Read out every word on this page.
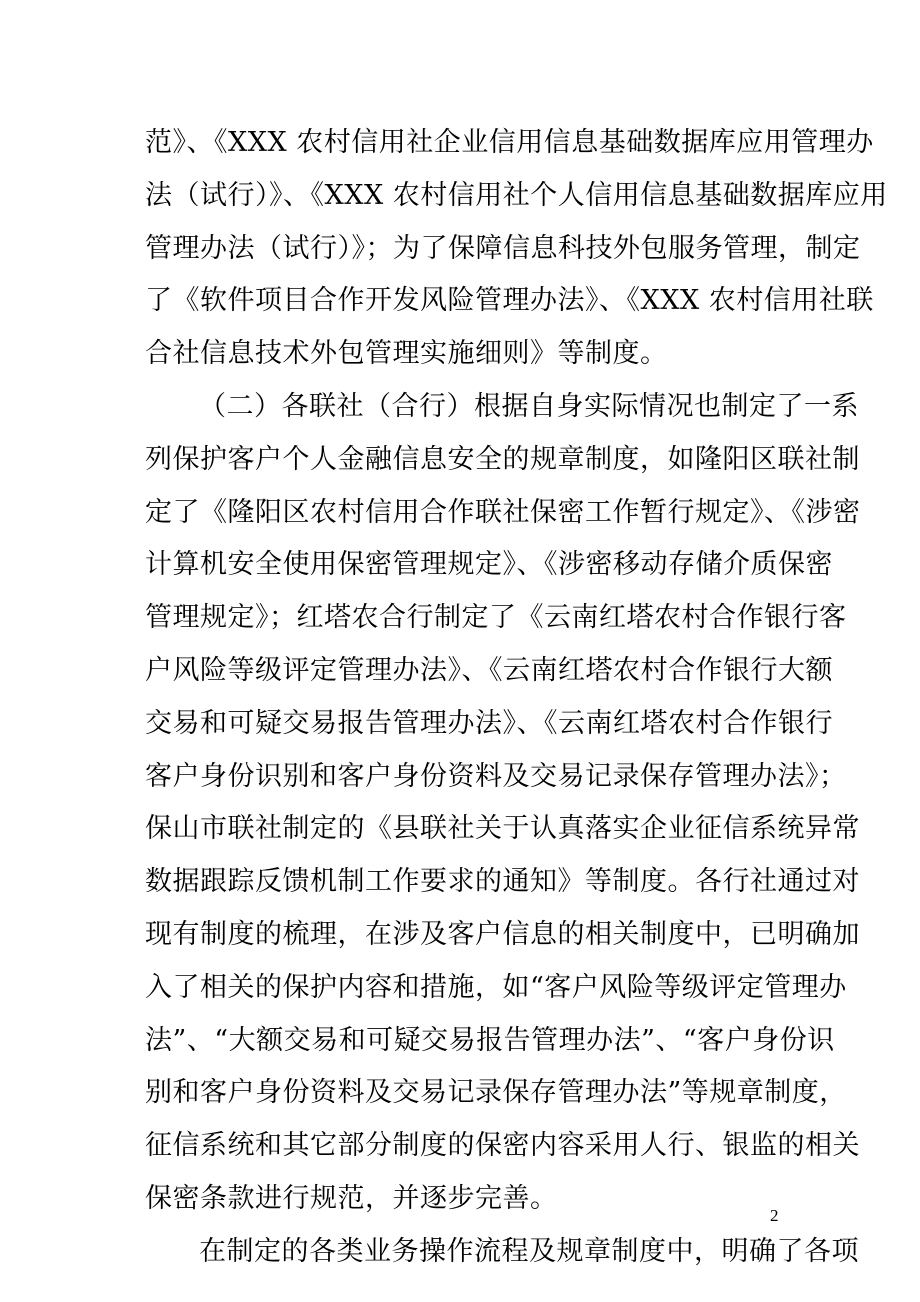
范》、《XXX 农村信用社企业信用信息基础数据库应用管理办
法（试行）》、《XXX 农村信用社个人信用信息基础数据库应用
管理办法（试行）》；为了保障信息科技外包服务管理，制定
了《软件项目合作开发风险管理办法》、《XXX 农村信用社联
合社信息技术外包管理实施细则》等制度。
（二）各联社（合行）根据自身实际情况也制定了一系
列保护客户个人金融信息安全的规章制度，如隆阳区联社制
定了《隆阳区农村信用合作联社保密工作暂行规定》、《涉密
计算机安全使用保密管理规定》、《涉密移动存储介质保密
管理规定》；红塔农合行制定了《云南红塔农村合作银行客
户风险等级评定管理办法》、《云南红塔农村合作银行大额
交易和可疑交易报告管理办法》、《云南红塔农村合作银行
客户身份识别和客户身份资料及交易记录保存管理办法》；
保山市联社制定的《县联社关于认真落实企业征信系统异常
数据跟踪反馈机制工作要求的通知》等制度。各行社通过对
现有制度的梳理，在涉及客户信息的相关制度中，已明确加
入了相关的保护内容和措施，如“客户风险等级评定管理办
法”、“大额交易和可疑交易报告管理办法”、“客户身份识
别和客户身份资料及交易记录保存管理办法”等规章制度，
征信系统和其它部分制度的保密内容采用人行、银监的相关
保密条款进行规范，并逐步完善。
在制定的各类业务操作流程及规章制度中，明确了各项
2
